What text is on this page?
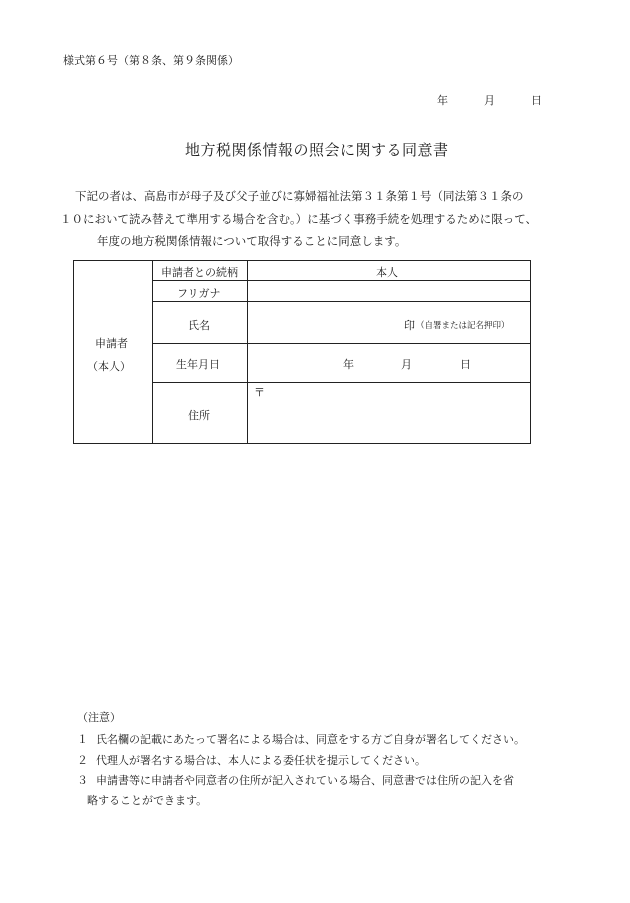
様式第６号（第８条、第９条関係）
年	月	日
地方税関係情報の照会に関する同意書
下記の者は、高島市が母子及び父子並びに寡婦福祉法第３１条第１号（同法第３１条の
１０において読み替えて準用する場合を含む。）に基づく事務手続を処理するために限って、
年度の地方税関係情報について取得することに同意します。
申請者
（本人）
申請者との続柄	本人
フリガナ
氏名	印 （自署または記名押印）
生年月日	年	月	日
住所
〒
（注意）
１ 氏名欄の記載にあたって署名による場合は、同意をする方ご自身が署名してください。
２ 代理人が署名する場合は、本人による委任状を提示してください。
３ 申請書等に申請者や同意者の住所が記入されている場合、同意書では住所の記入を省
略することができます。
